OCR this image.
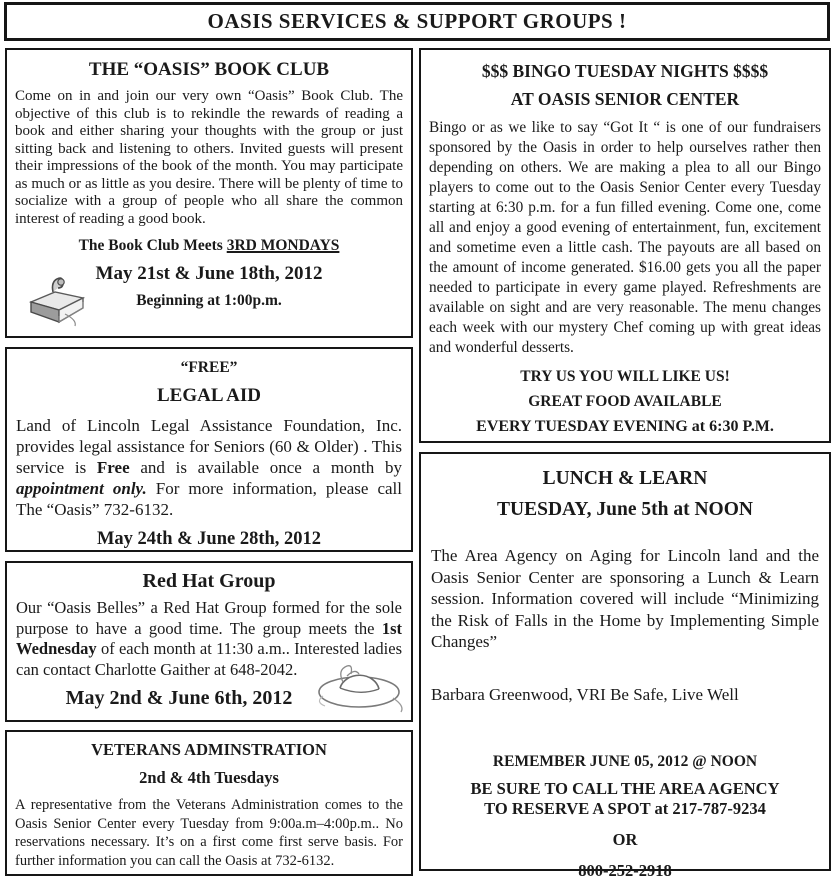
OASIS SERVICES & SUPPORT GROUPS !
THE “OASIS” BOOK CLUB
Come on in and join our very own “Oasis” Book Club. The objective of this club is to rekindle the rewards of reading a book and either sharing your thoughts with the group or just sitting back and listening to others. Invited guests will present their impressions of the book of the month. You may participate as much or as little as you desire. There will be plenty of time to socialize with a group of people who all share the common interest of reading a good book.
The Book Club Meets 3RD MONDAYS
May 21st & June 18th, 2012
Beginning at 1:00p.m.
“FREE”
LEGAL AID
Land of Lincoln Legal Assistance Foundation, Inc. provides legal assistance for Seniors (60 & Older) . This service is Free and is available once a month by appointment only. For more information, please call The “Oasis” 732-6132.
May 24th & June 28th, 2012
Red Hat Group
Our “Oasis Belles” a Red Hat Group formed for the sole purpose to have a good time. The group meets the 1st Wednesday of each month at 11:30 a.m.. Interested ladies can contact Charlotte Gaither at 648-2042.
May 2nd & June 6th, 2012
VETERANS ADMINSTRATION
2nd & 4th Tuesdays
A representative from the Veterans Administration comes to the Oasis Senior Center every Tuesday from 9:00a.m–4:00p.m.. No reservations necessary. It’s on a first come first serve basis. For further information you can call the Oasis at 732-6132.
$$$ BINGO TUESDAY NIGHTS $$$$
AT OASIS SENIOR CENTER
Bingo or as we like to say “Got It “ is one of our fundraisers sponsored by the Oasis in order to help ourselves rather then depending on others. We are making a plea to all our Bingo players to come out to the Oasis Senior Center every Tuesday starting at 6:30 p.m. for a fun filled evening. Come one, come all and enjoy a good evening of entertainment, fun, excitement and sometime even a little cash. The payouts are all based on the amount of income generated. $16.00 gets you all the paper needed to participate in every game played. Refreshments are available on sight and are very reasonable. The menu changes each week with our mystery Chef coming up with great ideas and wonderful desserts.
TRY US YOU WILL LIKE US!
GREAT FOOD AVAILABLE
EVERY TUESDAY EVENING at 6:30 P.M.
LUNCH & LEARN
TUESDAY, June 5th at NOON
The Area Agency on Aging for Lincoln land and the Oasis Senior Center are sponsoring a Lunch & Learn session. Information covered will include “Minimizing the Risk of Falls in the Home by Implementing Simple Changes”
Barbara Greenwood, VRI Be Safe, Live Well
REMEMBER JUNE 05, 2012 @ NOON
BE SURE TO CALL THE AREA AGENCY TO RESERVE A SPOT at 217-787-9234
OR
800-252-2918
